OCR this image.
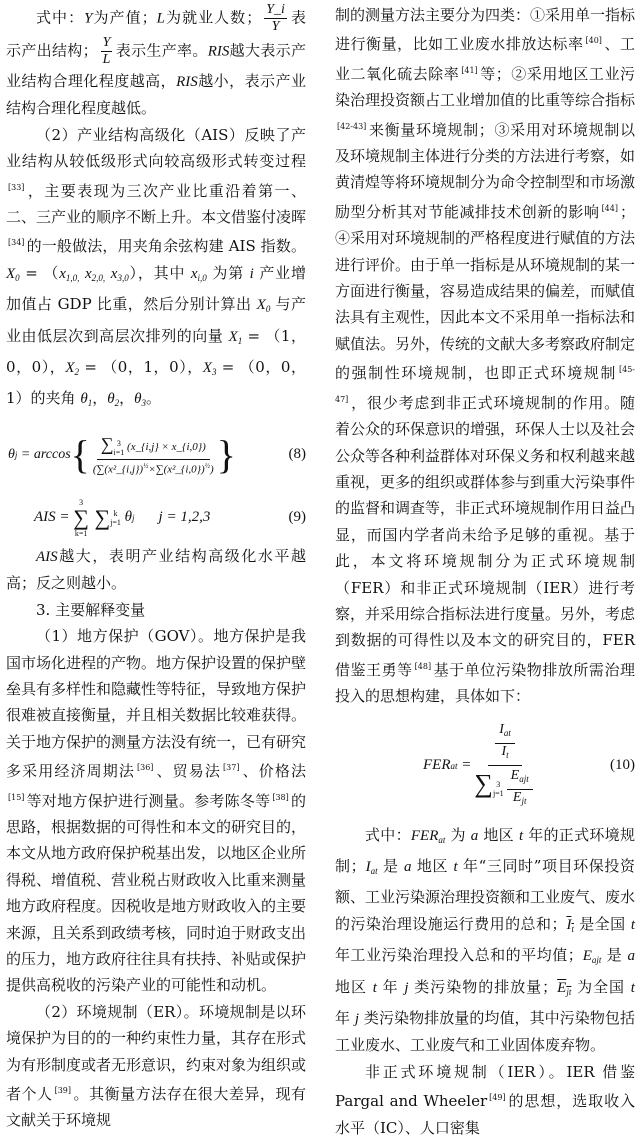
式中：Y为产值；L为就业人数； $\frac{Y\_i}{Y}$ 表示产出结构； $\frac{Y}{L}$ 表示生产率。RIS越大表示产业结构合理化程度越高，RIS越小，表示产业结构合理化程度越低。

（2）产业结构高级化（AIS）反映了产业结构从较低级形式向较高级形式转变过程[33] ，主要表现为三次产业比重沿着第一、二、三产业的顺序不断上升。本文借鉴付凌晖[34] 的一般做法，用夹角余弦构建 AIS 指数。$X_0 = (x_{1,0,}$ $x_{2,0,}$ $x_{3,0}$），其中 $x_{i,0}$ 为第 i 产业增加值占 GDP 比重，然后分别计算出 $X_0$ 与产业由低层次到高层次排列的向量 $X_1 = (1$，0，0），$X_2 = (0$，1，0），$X_3 = (0$，0，1）的夹角 $\theta_1$，$\theta_2$，$\theta_3$。

θ j
= arccos { ∑ 3
i=1 (x_{i,j} × x_{i,0})
(∑(x²_{i,j})$^{\frac{1}{2}}$×∑(x²_{i,0})$^{\frac{1}{2}}$) }	(8)
AIS
=

3
∑
k=1
∑ k
j=1
θ j j = 1,2,3	(9)

AIS越大，表明产业结构高级化水平越高；反之则越小。

3. 主要解释变量

（1）地方保护（GOV）。地方保护是我国市场化进程的产物。地方保护设置的保护壁垒具有多样性和隐藏性等特征，导致地方保护很难被直接衡量，并且相关数据比较难获得。关于地方保护的测量方法没有统一，已有研究多采用经济周期法 [36] 、贸易法 [37] 、价格法[15] 等对地方保护进行测量。参考陈冬等 [38] 的思路，根据数据的可得性和本文的研究目的，本文从地方政府保护税基出发，以地区企业所得税、增值税、营业税占财政收入比重来测量地方政府程度。因税收是地方财政收入的主要来源，且关系到政绩考核，同时迫于财政支出的压力，地方政府往往具有扶持、补贴或保护提供高税收的污染产业的可能性和动机。

（2）环境规制（ER）。环境规制是以环境保护为目的的一种约束性力量，其存在形式为有形制度或者无形意识，约束对象为组织或者个人 [39] 。其衡量方法存在很大差异，现有文献关于环境规

制的测量方法主要分为四类：①采用单一指标进行衡量，比如工业废水排放达标率 [40] 、工业二氧化硫去除率 [41] 等；②采用地区工业污染治理投资额占工业增加值的比重等综合指标[42-43] 来衡量环境规制；③采用对环境规制以及环境规制主体进行分类的方法进行考察，如黄清煌等将环境规制分为命令控制型和市场激励型分析其对节能减排技术创新的影响 [44] ；④采用对环境规制的严格程度进行赋值的方法进行评价。由于单一指标是从环境规制的某一方面进行衡量，容易造成结果的偏差，而赋值法具有主观性，因此本文不采用单一指标法和赋值法。另外，传统的文献大多考察政府制定的强制性环境规制，也即正式环境规制 [45-47] ，很少考虑到非正式环境规制的作用。随着公众的环保意识的增强，环保人士以及社会公众等各种利益群体对环保义务和权利越来越重视，更多的组织或群体参与到重大污染事件的监督和调查等，非正式环境规制作用日益凸显，而国内学者尚未给予足够的重视。基于此，本文将环境规制分为正式环境规制（FER）和非正式环境规制（IER）进行考察，并采用综合指标法进行度量。另外，考虑到数据的可得性以及本文的研究目的，FER 借鉴王勇等 [48] 基于单位污染物排放所需治理投入的思想构建，具体如下：

FER at
=
$\frac{I_{at}}{\overline{I}_t}$
∑ 3
$j=1 \frac{E_{ajt}}{\overline{E}_{jt}}$
(10)

式中：$FER_{at}$ 为 a 地区 t 年的正式环境规制；$I_{at}$ 是 a 地区 t 年“三同时”项目环保投资额、工业污染源治理投资额和工业废气、废水的污染治理设施运行费用的总和；$I_t$ 是全国 t 年工业污染治理投入总和的平均值；$E_{ajt}$ 是 a 地区 t 年 j 类污染物的排放量；$E_{jt}$ 为全国 t 年 j 类污染物排放量的均值，其中污染物包括工业废水、工业废气和工业固体废弃物。

非正式环境规制（IER）。IER 借鉴 Pargal and Wheeler [49] 的思想，选取收入水平（IC）、人口密集
